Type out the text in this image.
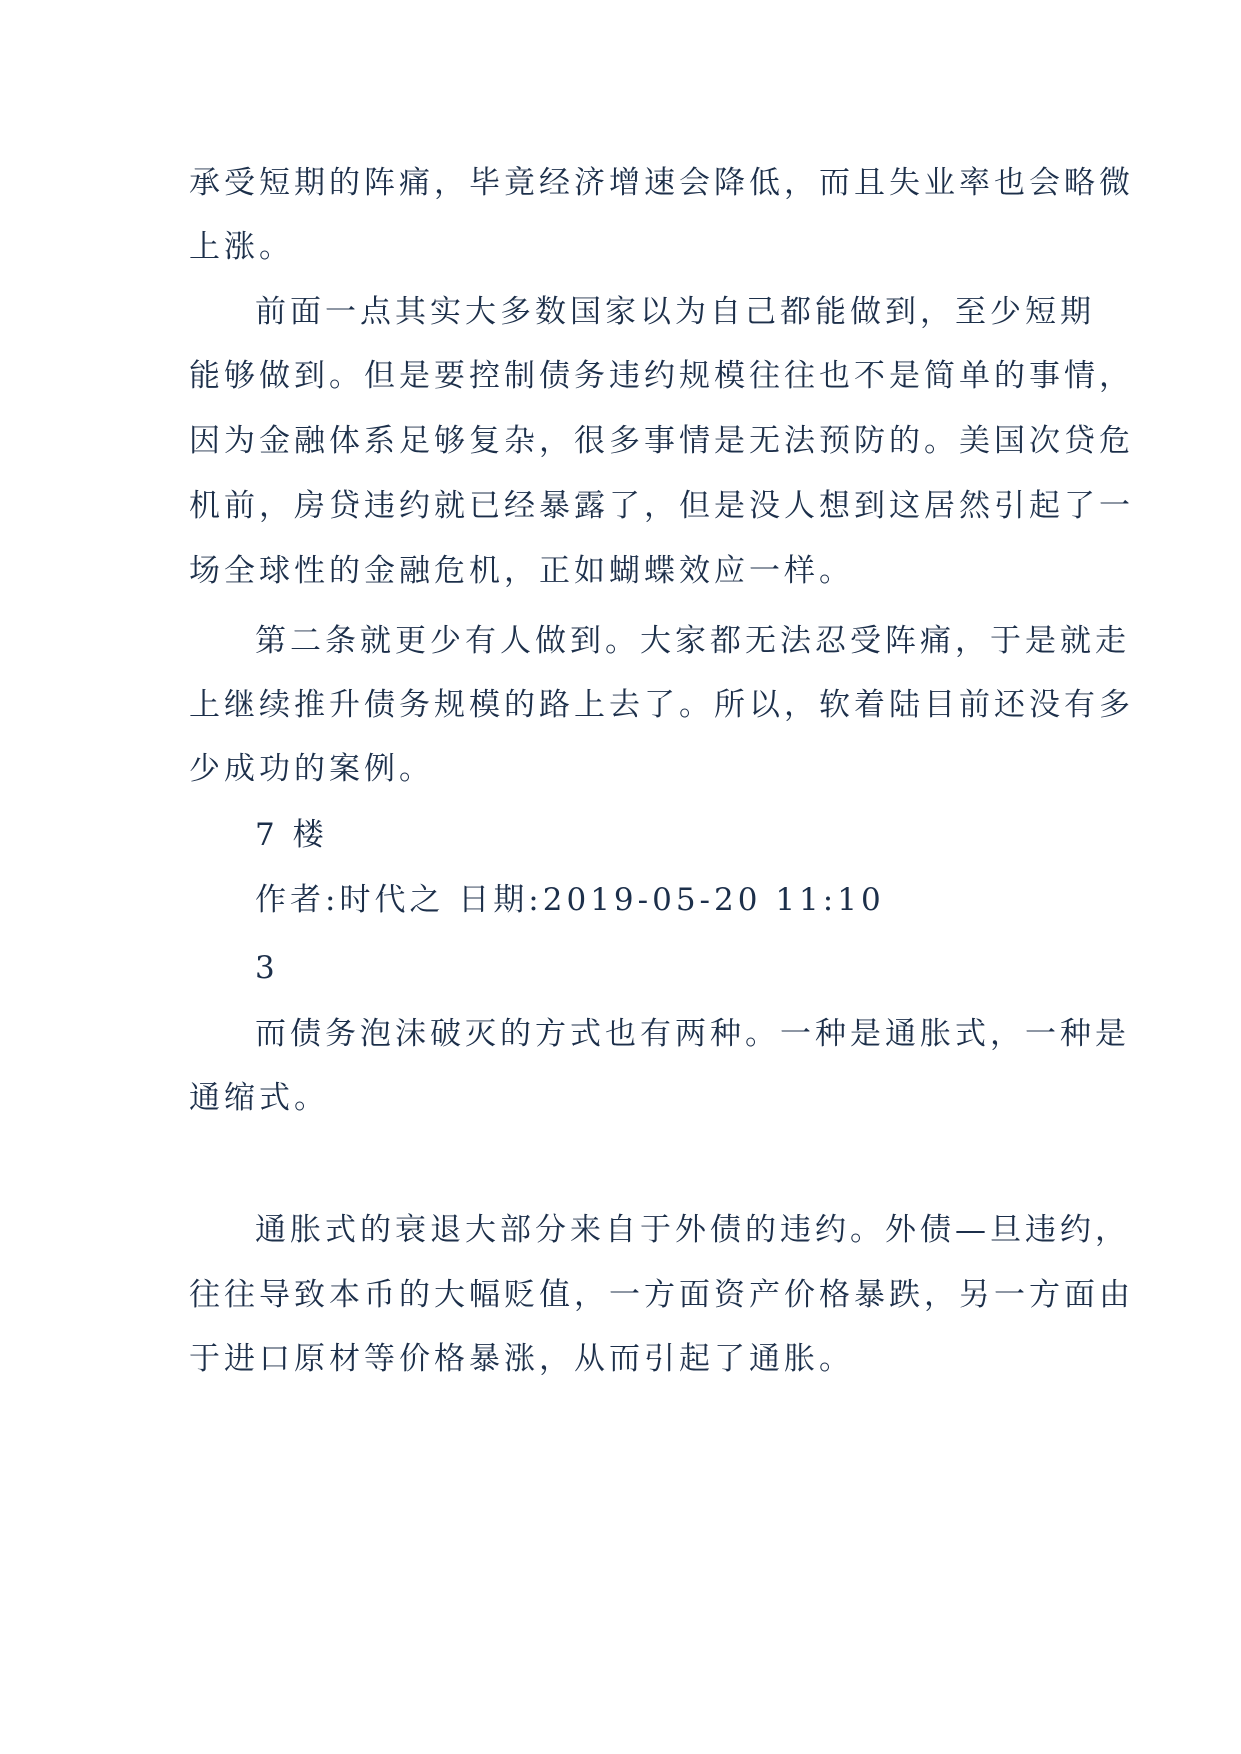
承受短期的阵痛，毕竟经济增速会降低，而且失业率也会略微
上涨。
前面一点其实大多数国家以为自己都能做到，至少短期
能够做到。但是要控制债务违约规模往往也不是简单的事情，
因为金融体系足够复杂，很多事情是无法预防的。美国次贷危
机前，房贷违约就已经暴露了，但是没人想到这居然引起了一
场全球性的金融危机，正如蝴蝶效应一样。
第二条就更少有人做到。大家都无法忍受阵痛，于是就走
上继续推升债务规模的路上去了。所以，软着陆目前还没有多
少成功的案例。
7 楼
作者:时代之 日期:2019-05-20 11:10
3
而债务泡沫破灭的方式也有两种。一种是通胀式，一种是
通缩式。
通胀式的衰退大部分来自于外债的违约。外债—旦违约，
往往导致本币的大幅贬值，一方面资产价格暴跌，另一方面由
于进口原材等价格暴涨，从而引起了通胀。
